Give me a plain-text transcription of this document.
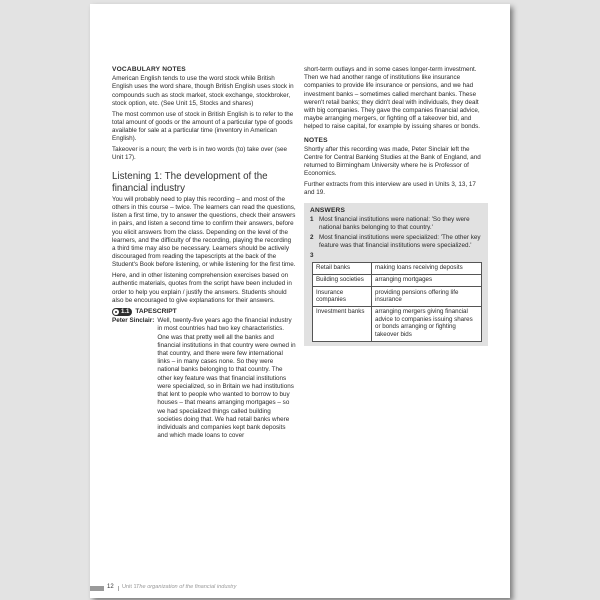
VOCABULARY NOTES

American English tends to use the word stock while British English uses the word share, though British English uses stock in compounds such as stock market, stock exchange, stockbroker, stock option, etc. (See Unit 15, Stocks and shares)

The most common use of stock in British English is to refer to the total amount of goods or the amount of a particular type of goods available for sale at a particular time (inventory in American English).

Takeover is a noun; the verb is in two words (to) take over (see Unit 17).

Listening 1: The development of the financial industry

You will probably need to play this recording – and most of the others in this course – twice. The learners can read the questions, listen a first time, try to answer the questions, check their answers in pairs, and listen a second time to confirm their answers, before you elicit answers from the class. Depending on the level of the learners, and the difficulty of the recording, playing the recording a third time may also be necessary. Learners should be actively discouraged from reading the tapescripts at the back of the Student's Book before listening, or while listening for the first time.

Here, and in other listening comprehension exercises based on authentic materials, quotes from the script have been included in order to help you explain / justify the answers. Students should also be encouraged to give explanations for their answers.

1.1 TAPESCRIPT
Peter Sinclair: Well, twenty-five years ago the financial industry in most countries had two key characteristics. One was that pretty well all the banks and financial institutions in that country were owned in that country, and there were few international links – in many cases none. So they were national banks belonging to that country. The other key feature was that financial institutions were specialized, so in Britain we had institutions that lent to people who wanted to borrow to buy houses – that means arranging mortgages – so we had specialized things called building societies doing that. We had retail banks where individuals and companies kept bank deposits and which made loans to cover

short-term outlays and in some cases longer-term investment. Then we had another range of institutions like insurance companies to provide life insurance or pensions, and we had investment banks – sometimes called merchant banks. These weren't retail banks; they didn't deal with individuals, they dealt with big companies. They gave the companies financial advice, maybe arranging mergers, or fighting off a takeover bid, and helped to raise capital, for example by issuing shares or bonds.

NOTES

Shortly after this recording was made, Peter Sinclair left the Centre for Central Banking Studies at the Bank of England, and returned to Birmingham University where he is Professor of Economics.

Further extracts from this interview are used in Units 3, 13, 17 and 19.

ANSWERS
1 Most financial institutions were national: 'So they were national banks belonging to that country.'
2 Most financial institutions were specialized: 'The other key feature was that financial institutions were specialized.'
3
Retail banks	making loans receiving deposits
Building societies	arranging mortgages
Insurance companies	providing pensions offering life insurance
Investment banks	arranging mergers giving financial advice to companies issuing shares or bonds arranging or fighting takeover bids
12 Unit 1 The organization of the financial industry
